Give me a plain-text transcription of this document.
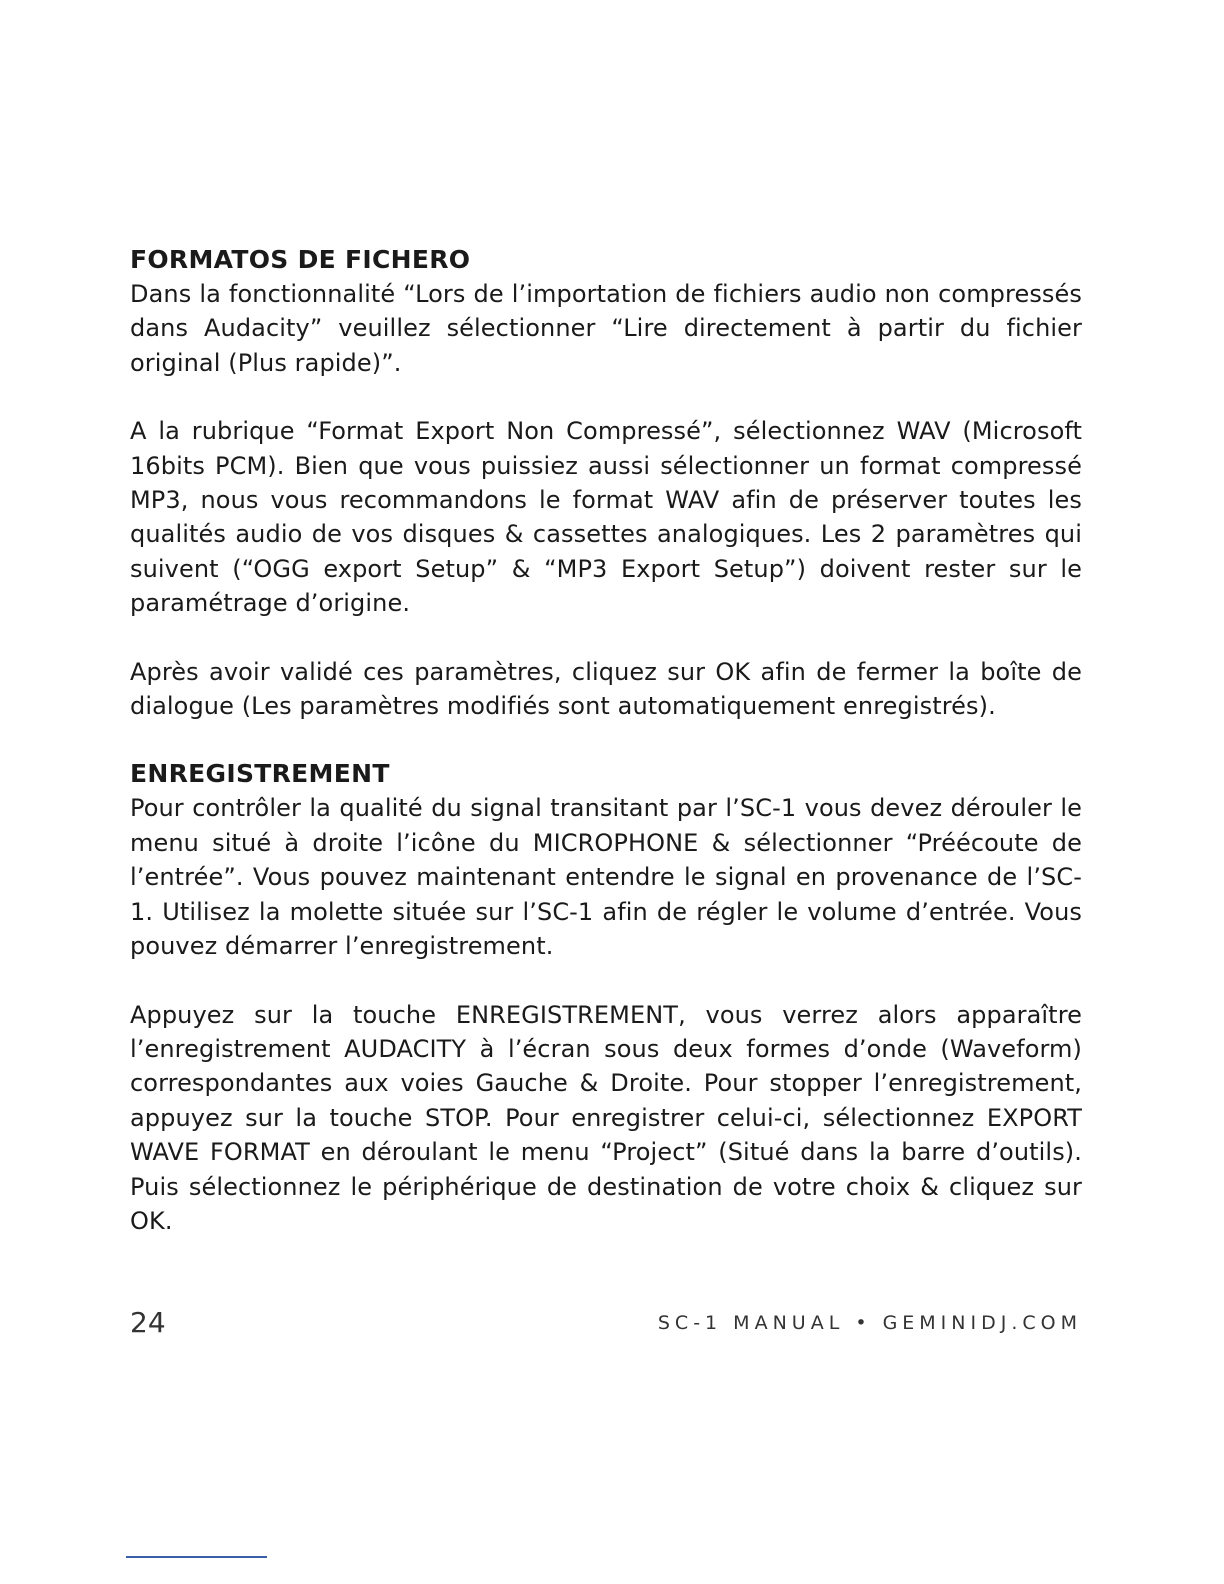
FORMATOS DE FICHERO

Dans la fonctionnalité “Lors de l’importation de fichiers audio non compressés dans Audacity” veuillez sélectionner “Lire directement à partir du fichier original (Plus rapide)”.

A la rubrique “Format Export Non Compressé”, sélectionnez WAV (Microsoft 16bits PCM). Bien que vous puissiez aussi sélectionner un format compressé MP3, nous vous recommandons le format WAV afin de préserver toutes les qualités audio de vos disques & cassettes analogiques. Les 2 paramètres qui suivent (“OGG export Setup” & “MP3 Export Setup”) doivent rester sur le paramétrage d’origine.

Après avoir validé ces paramètres, cliquez sur OK afin de fermer la boîte de dialogue (Les paramètres modifiés sont automatiquement enregistrés).

ENREGISTREMENT

Pour contrôler la qualité du signal transitant par l’SC-1 vous devez dérouler le menu situé à droite l’icône du MICROPHONE & sélectionner “Préécoute de l’entrée”. Vous pouvez maintenant entendre le signal en provenance de l’SC-1. Utilisez la molette située sur l’SC-1 afin de régler le volume d’entrée. Vous pouvez démarrer l’enregistrement.

Appuyez sur la touche ENREGISTREMENT, vous verrez alors apparaître l’enregistrement AUDACITY à l’écran sous deux formes d’onde (Waveform) correspondantes aux voies Gauche & Droite. Pour stopper l’enregistrement, appuyez sur la touche STOP. Pour enregistrer celui-ci, sélectionnez EXPORT WAVE FORMAT en déroulant le menu “Project” (Situé dans la barre d’outils). Puis sélectionnez le périphérique de destination de votre choix & cliquez sur OK.

24	SC-1 MANUAL • GEMINIDJ.COM
